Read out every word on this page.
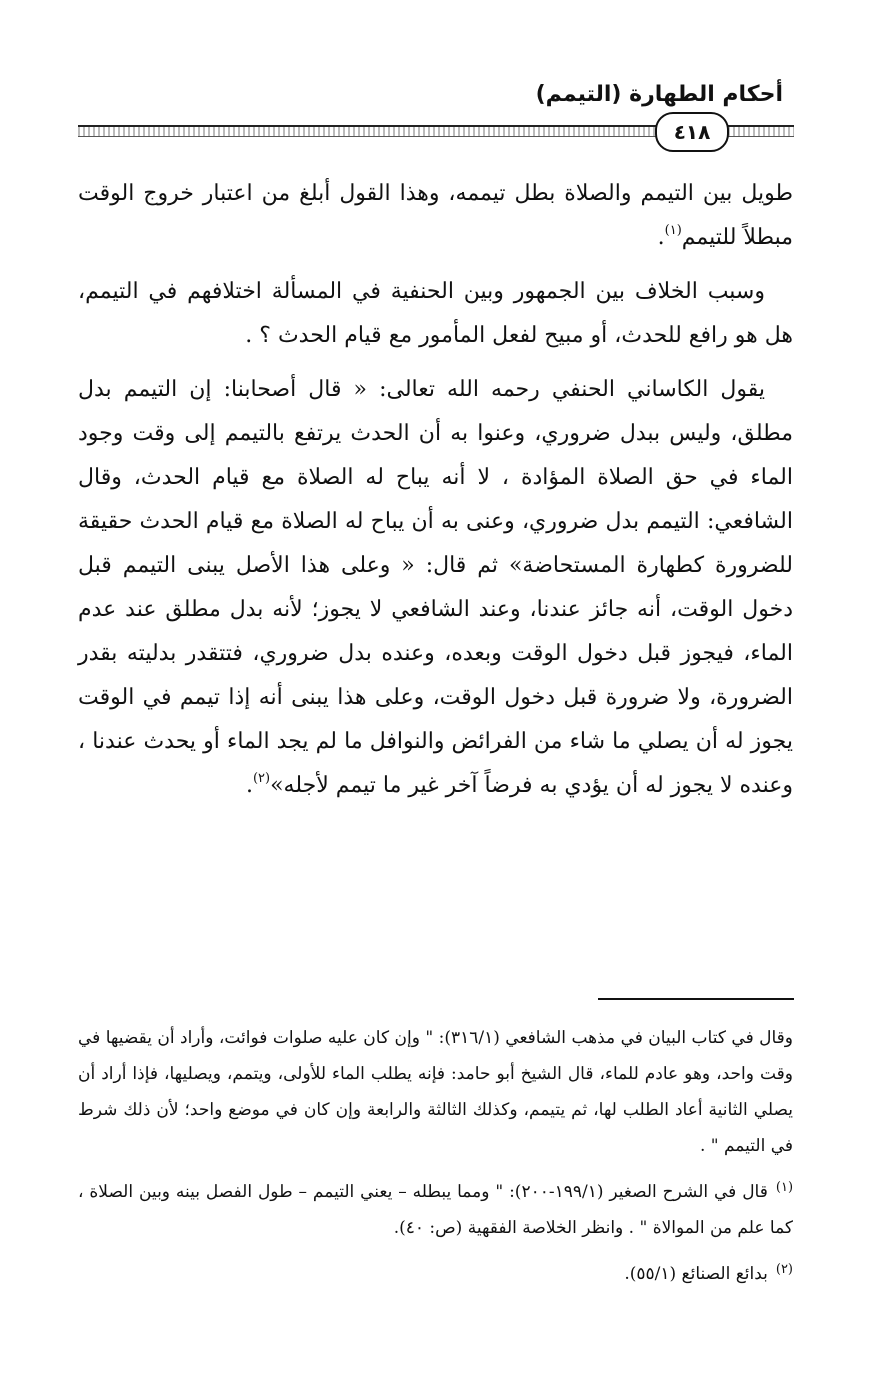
أحكام الطهارة (التيمم)
٤١٨

طويل بين التيمم والصلاة بطل تيممه، وهذا القول أبلغ من اعتبار خروج الوقت مبطلاً للتيمم$^{(١)}$.

وسبب الخلاف بين الجمهور وبين الحنفية في المسألة اختلافهم في التيمم، هل هو رافع للحدث، أو مبيح لفعل المأمور مع قيام الحدث ؟ .

يقول الكاساني الحنفي رحمه الله تعالى: « قال أصحابنا: إن التيمم بدل مطلق، وليس ببدل ضروري، وعنوا به أن الحدث يرتفع بالتيمم إلى وقت وجود الماء في حق الصلاة المؤادة ، لا أنه يباح له الصلاة مع قيام الحدث، وقال الشافعي: التيمم بدل ضروري، وعنى به أن يباح له الصلاة مع قيام الحدث حقيقة للضرورة كطهارة المستحاضة» ثم قال: « وعلى هذا الأصل يبنى التيمم قبل دخول الوقت، أنه جائز عندنا، وعند الشافعي لا يجوز؛ لأنه بدل مطلق عند عدم الماء، فيجوز قبل دخول الوقت وبعده، وعنده بدل ضروري، فتتقدر بدليته بقدر الضرورة، ولا ضرورة قبل دخول الوقت، وعلى هذا يبنى أنه إذا تيمم في الوقت يجوز له أن يصلي ما شاء من الفرائض والنوافل ما لم يجد الماء أو يحدث عندنا ، وعنده لا يجوز له أن يؤدي به فرضاً آخر غير ما تيمم لأجله»$^{(٢)}$.

وقال في كتاب البيان في مذهب الشافعي (٣١٦/١): " وإن كان عليه صلوات فوائت، وأراد أن يقضيها في وقت واحد، وهو عادم للماء، قال الشيخ أبو حامد: فإنه يطلب الماء للأولى، ويتمم، ويصليها، فإذا أراد أن يصلي الثانية أعاد الطلب لها، ثم يتيمم، وكذلك الثالثة والرابعة وإن كان في موضع واحد؛ لأن ذلك شرط في التيمم " .

$^{(١)}$قال في الشرح الصغير (١٩٩/١-٢٠٠): " ومما يبطله – يعني التيمم – طول الفصل بينه وبين الصلاة ، كما علم من الموالاة " . وانظر الخلاصة الفقهية (ص: ٤٠).

$^{(٢)}$بدائع الصنائع (٥٥/١).
